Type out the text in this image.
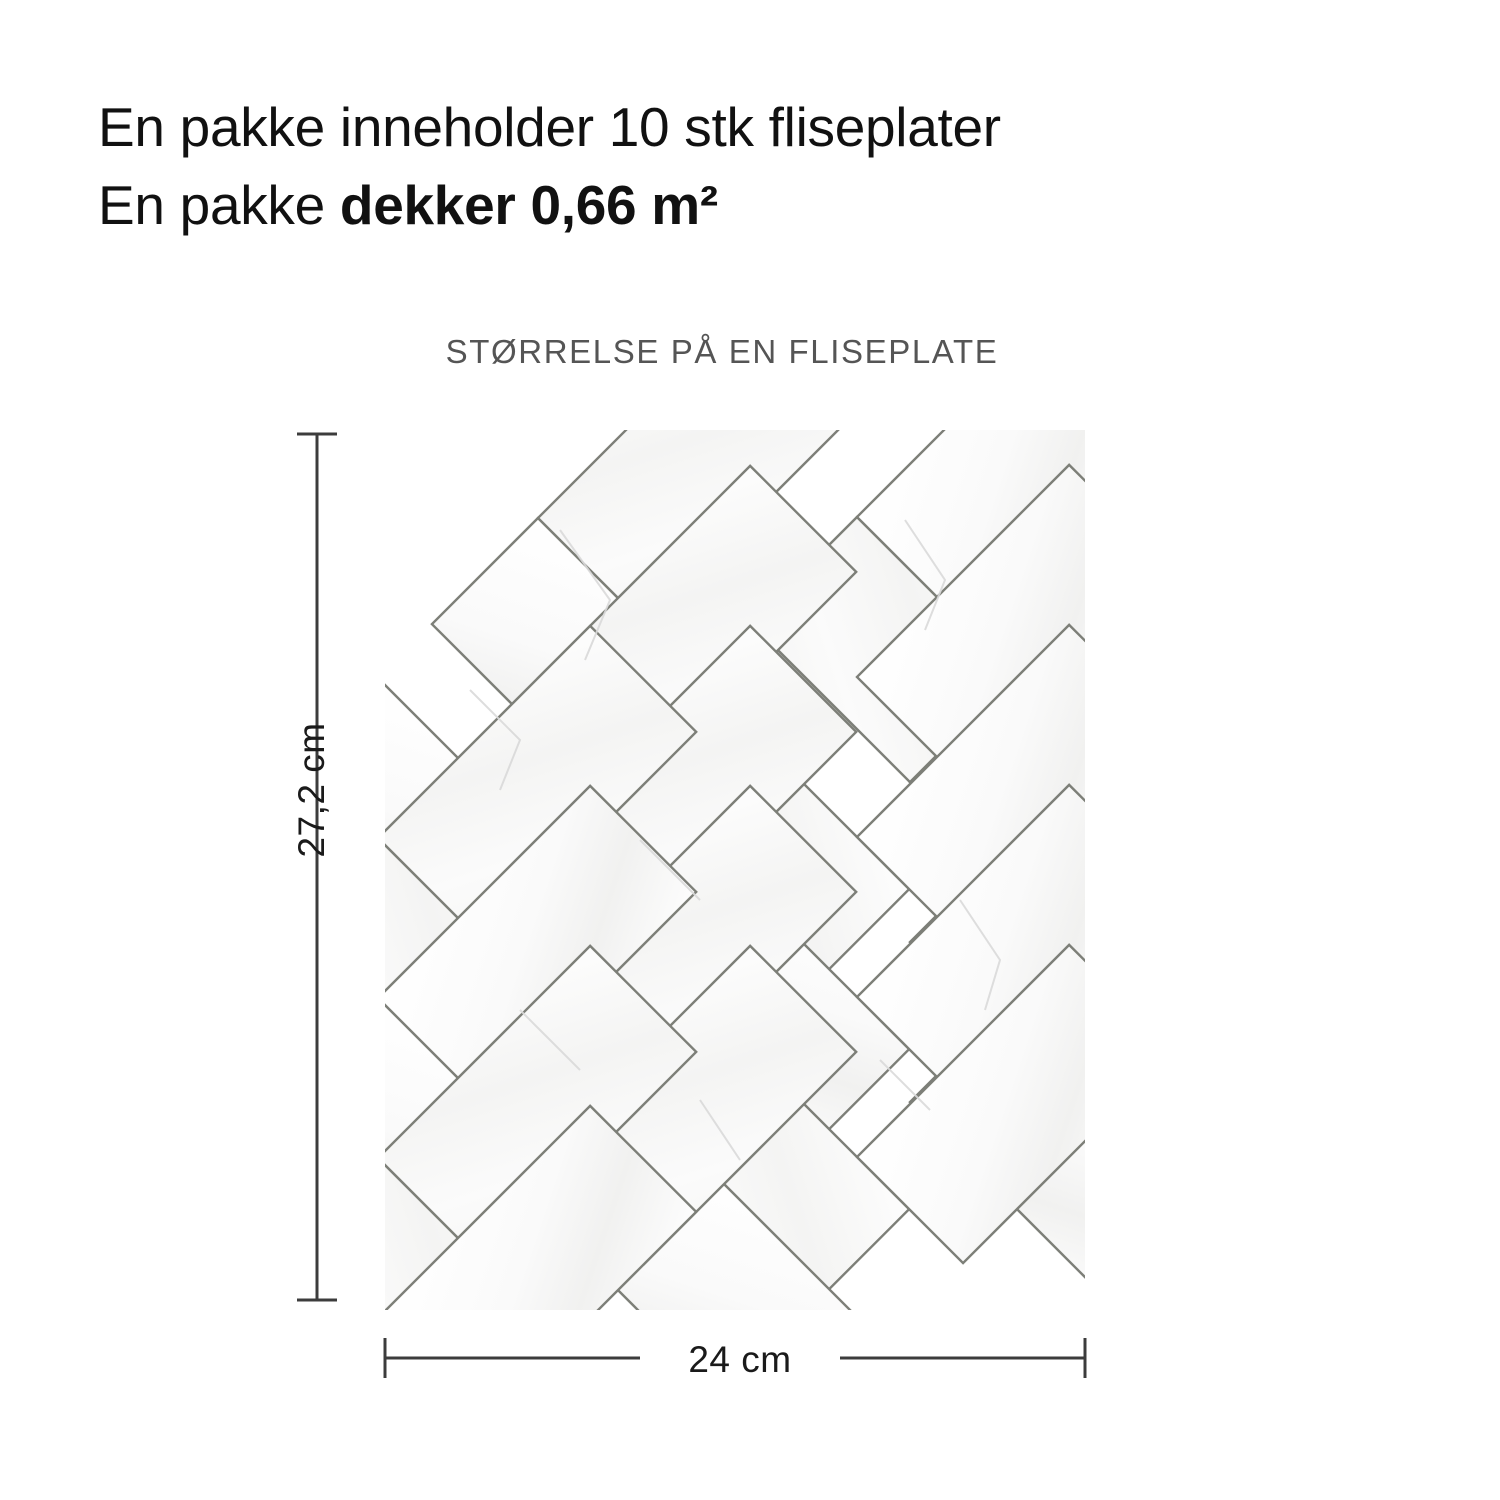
En pakke inneholder 10 stk fliseplater
En pakke dekker 0,66 m²
STØRRELSE PÅ EN FLISEPLATE
27,2 cm
24 cm
